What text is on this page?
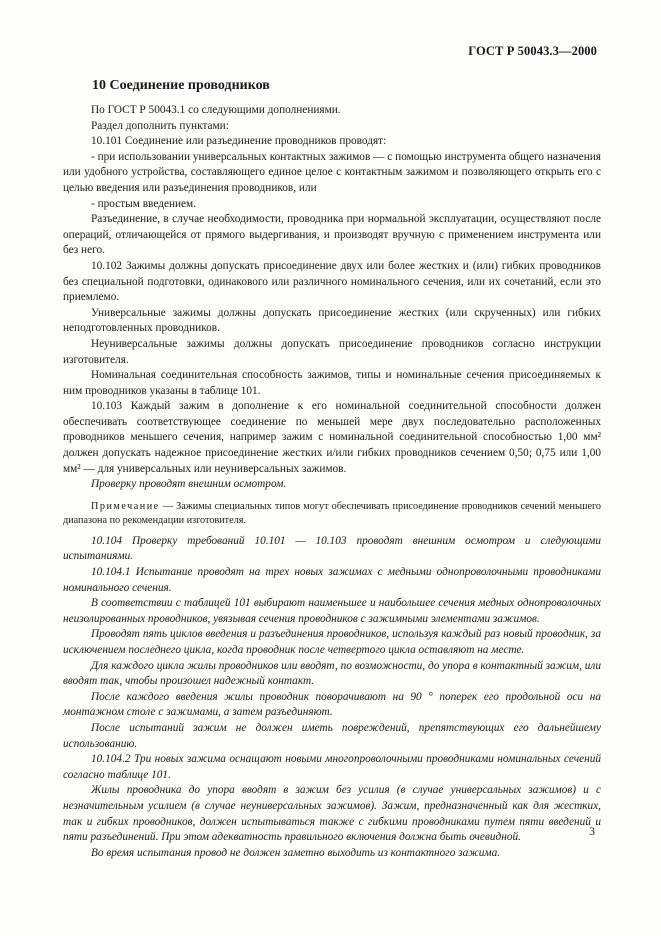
ГОСТ Р 50043.3—2000
10 Соединение проводников

По ГОСТ Р 50043.1 со следующими дополнениями.

Раздел дополнить пунктами:

10.101 Соединение или разъединение проводников проводят:

- при использовании универсальных контактных зажимов — с помощью инструмента общего назначения или удобного устройства, составляющего единое целое с контактным зажимом и позволяющего открыть его с целью введения или разъединения проводников, или

- простым введением.

Разъединение, в случае необходимости, проводника при нормальной эксплуатации, осуществляют после операций, отличающейся от прямого выдергивания, и производят вручную с применением инструмента или без него.

10.102 Зажимы должны допускать присоединение двух или более жестких и (или) гибких проводников без специальной подготовки, одинакового или различного номинального сечения, или их сочетаний, если это приемлемо.

Универсальные зажимы должны допускать присоединение жестких (или скрученных) или гибких неподготовленных проводников.

Неуниверсальные зажимы должны допускать присоединение проводников согласно инструкции изготовителя.

Номинальная соединительная способность зажимов, типы и номинальные сечения присоединяемых к ним проводников указаны в таблице 101.

10.103 Каждый зажим в дополнение к его номинальной соединительной способности должен обеспечивать соответствующее соединение по меньшей мере двух последовательно расположенных проводников меньшего сечения, например зажим с номинальной соединительной способностью 1,00 мм² должен допускать надежное присоединение жестких и/или гибких проводников сечением 0,50; 0,75 или 1,00 мм² — для универсальных или неуниверсальных зажимов.

Проверку проводят внешним осмотром.

Примечание — Зажимы специальных типов могут обеспечивать присоединение проводников сечений меньшего диапазона по рекомендации изготовителя.

10.104 Проверку требований 10.101 — 10.103 проводят внешним осмотром и следующими испытаниями.

10.104.1 Испытание проводят на трех новых зажимах с медными однопроволочными проводниками номинального сечения.

В соответствии с таблицей 101 выбирают наименьшее и наибольшее сечения медных однопроволочных неизолированных проводников, увязывая сечения проводников с зажимными элементами зажимов.

Проводят пять циклов введения и разъединения проводников, используя каждый раз новый проводник, за исключением последнего цикла, когда проводник после четвертого цикла оставляют на месте.

Для каждого цикла жилы проводников или вводят, по возможности, до упора в контактный зажим, или вводят так, чтобы произошел надежный контакт.

После каждого введения жилы проводник поворачивают на 90 ° поперек его продольной оси на монтажном столе с зажимами, а затем разъединяют.

После испытаний зажим не должен иметь повреждений, препятствующих его дальнейшему использованию.

10.104.2 Три новых зажима оснащают новыми многопроволочными проводниками номинальных сечений согласно таблице 101.

Жилы проводника до упора вводят в зажим без усилия (в случае универсальных зажимов) и с незначительным усилием (в случае неуниверсальных зажимов). Зажим, предназначенный как для жестких, так и гибких проводников, должен испытываться также с гибкими проводниками путем пяти введений и пяти разъединений. При этом адекватность правильного включения должна быть очевидной.

Во время испытания провод не должен заметно выходить из контактного зажима.

3
